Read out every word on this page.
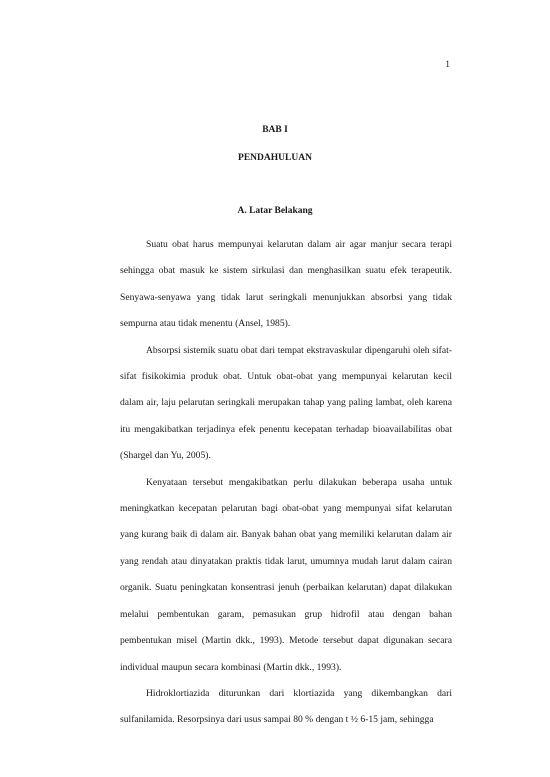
1
BAB I
PENDAHULUAN
A. Latar Belakang

Suatu obat harus mempunyai kelarutan dalam air agar manjur secara terapi sehingga obat masuk ke sistem sirkulasi dan menghasilkan suatu efek terapeutik. Senyawa-senyawa yang tidak larut seringkali menunjukkan absorbsi yang tidak sempurna atau tidak menentu (Ansel, 1985).

Absorpsi sistemik suatu obat dari tempat ekstravaskular dipengaruhi oleh sifat-sifat fisikokimia produk obat. Untuk obat-obat yang mempunyai kelarutan kecil dalam air, laju pelarutan seringkali merupakan tahap yang paling lambat, oleh karena itu mengakibatkan terjadinya efek penentu kecepatan terhadap bioavailabilitas obat (Shargel dan Yu, 2005).

Kenyataan tersebut mengakibatkan perlu dilakukan beberapa usaha untuk meningkatkan kecepatan pelarutan bagi obat-obat yang mempunyai sifat kelarutan yang kurang baik di dalam air. Banyak bahan obat yang memiliki kelarutan dalam air yang rendah atau dinyatakan praktis tidak larut, umumnya mudah larut dalam cairan organik. Suatu peningkatan konsentrasi jenuh (perbaikan kelarutan) dapat dilakukan melalui pembentukan garam, pemasukan grup hidrofil atau dengan bahan pembentukan misel (Martin dkk., 1993). Metode tersebut dapat digunakan secara individual maupun secara kombinasi (Martin dkk., 1993).

Hidroklortiazida diturunkan dari klortiazida yang dikembangkan dari sulfanilamida. Resorpsinya dari usus sampai 80 % dengan t ½ 6-15 jam, sehingga
